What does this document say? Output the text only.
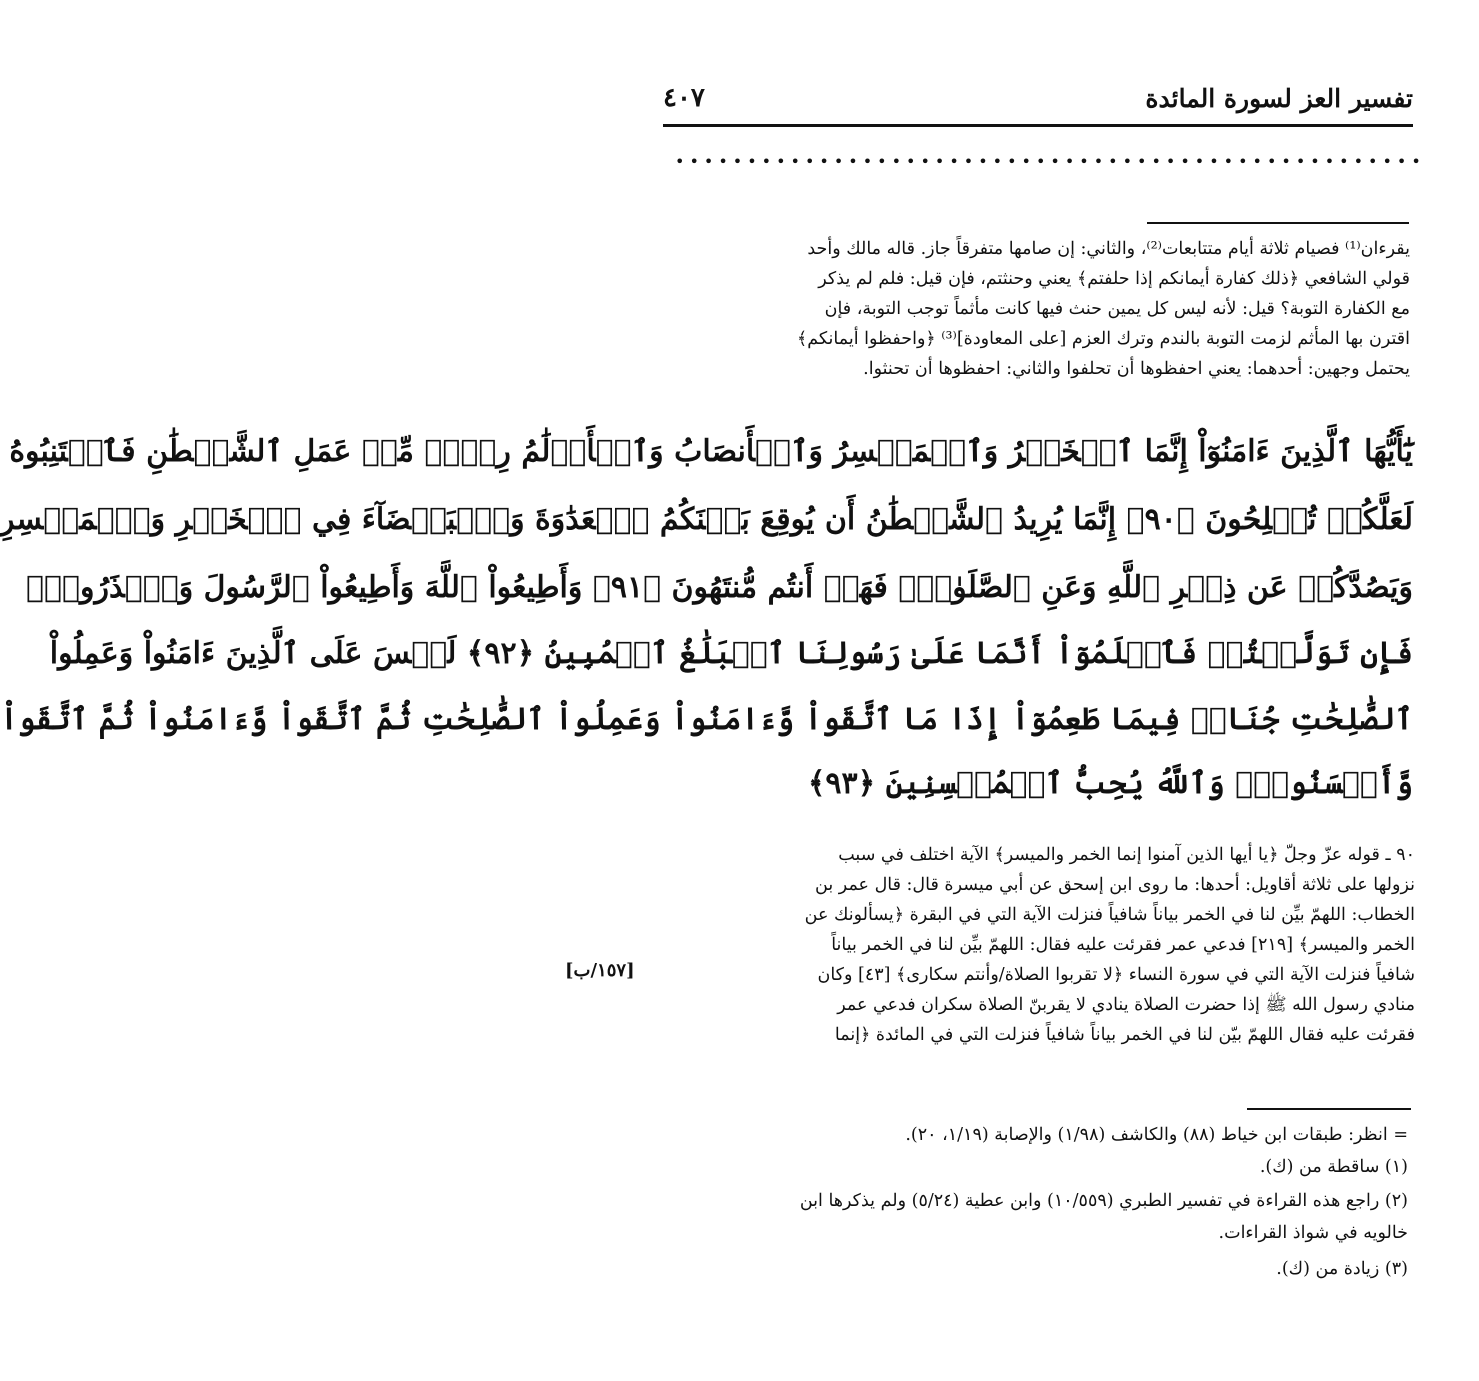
تفسير العز لسورة المائدة
٤٠٧
••••••••••••••••••••••••••••••••••••••••••••••••••••
يقرءان⁽¹⁾ فصيام ثلاثة أيام متتابعات⁽²⁾، والثاني: إن صامها متفرقاً جاز. قاله مالك وأحد
قولي الشافعي ﴿ذلك كفارة أيمانكم إذا حلفتم﴾ يعني وحنثتم، فإن قيل: فلم لم يذكر
مع الكفارة التوبة؟ قيل: لأنه ليس كل يمين حنث فيها كانت مأثماً توجب التوبة، فإن
اقترن بها المأثم لزمت التوبة بالندم وترك العزم [على المعاودة]⁽³⁾ ﴿واحفظوا أيمانكم﴾
يحتمل وجهين: أحدهما: يعني احفظوها أن تحلفوا والثاني: احفظوها أن تحنثوا.
يَٰٓأَيُّهَا ٱلَّذِينَ ءَامَنُوٓاْ إِنَّمَا ٱلۡخَمۡرُ وَٱلۡمَيۡسِرُ وَٱلۡأَنصَابُ وَٱلۡأَزۡلَٰمُ رِجۡسٞ مِّنۡ عَمَلِ ٱلشَّيۡطَٰنِ فَٱجۡتَنِبُوهُ
لَعَلَّكُمۡ تُفۡلِحُونَ ﴿٩٠﴾ إِنَّمَا يُرِيدُ ٱلشَّيۡطَٰنُ أَن يُوقِعَ بَيۡنَكُمُ ٱلۡعَدَٰوَةَ وَٱلۡبَغۡضَآءَ فِي ٱلۡخَمۡرِ وَٱلۡمَيۡسِرِ
وَيَصُدَّكُمۡ عَن ذِكۡرِ ٱللَّهِ وَعَنِ ٱلصَّلَوٰةِۖ فَهَلۡ أَنتُم مُّنتَهُونَ ﴿٩١﴾ وَأَطِيعُواْ ٱللَّهَ وَأَطِيعُواْ ٱلرَّسُولَ وَٱحۡذَرُواْۚ
فَإِن تَوَلَّيۡتُمۡ فَٱعۡلَمُوٓاْ أَنَّمَا عَلَىٰ رَسُولِنَا ٱلۡبَلَٰغُ ٱلۡمُبِينُ ﴿٩٢﴾ لَيۡسَ عَلَى ٱلَّذِينَ ءَامَنُواْ وَعَمِلُواْ
ٱلصَّٰلِحَٰتِ جُنَاحٞ فِيمَا طَعِمُوٓاْ إِذَا مَا ٱتَّقَواْ وَّءَامَنُواْ وَعَمِلُواْ ٱلصَّٰلِحَٰتِ ثُمَّ ٱتَّقَواْ وَّءَامَنُواْ ثُمَّ ٱتَّقَواْ
وَّأَحۡسَنُواْۚ وَٱللَّهُ يُحِبُّ ٱلۡمُحۡسِنِينَ ﴿٩٣﴾
٩٠ ـ قوله عزّ وجلّ ﴿يا أيها الذين آمنوا إنما الخمر والميسر﴾ الآية اختلف في سبب
نزولها على ثلاثة أقاويل: أحدها: ما روى ابن إسحق عن أبي ميسرة قال: قال عمر بن
الخطاب: اللهمّ بيِّن لنا في الخمر بياناً شافياً فنزلت الآية التي في البقرة ﴿يسألونك عن
الخمر والميسر﴾ [٢١٩] فدعي عمر فقرئت عليه فقال: اللهمّ بيِّن لنا في الخمر بياناً
شافياً فنزلت الآية التي في سورة النساء ﴿لا تقربوا الصلاة/وأنتم سكارى﴾ [٤٣] وكان
منادي رسول الله ﷺ إذا حضرت الصلاة ينادي لا يقربنّ الصلاة سكران فدعي عمر
فقرئت عليه فقال اللهمّ بيّن لنا في الخمر بياناً شافياً فنزلت التي في المائدة ﴿إنما
[١٥٧/ب]
= انظر: طبقات ابن خياط (٨٨) والكاشف (١/٩٨) والإصابة (١/١٩، ٢٠).
(١) ساقطة من (ك).
(٢) راجع هذه القراءة في تفسير الطبري (١٠/٥٥٩) وابن عطية (٥/٢٤) ولم يذكرها ابن
خالويه في شواذ القراءات.
(٣) زيادة من (ك).
